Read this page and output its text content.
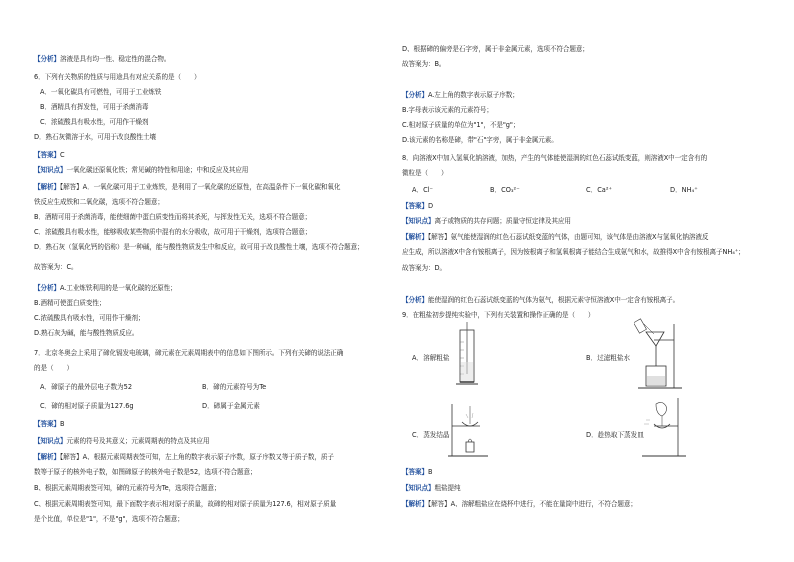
【分析】溶液是具有均一性、稳定性的混合物。
6．下列有关物质的性质与用途具有对应关系的是（　　）
A．一氧化碳具有可燃性，可用于工业炼铁
B．酒精具有挥发性，可用于杀菌消毒
C．浓硫酸具有吸水性，可用作干燥剂
D．熟石灰微溶于水，可用于改良酸性土壤
【答案】C
【知识点】一氧化碳还原氧化铁；常见碱的特性和用途；中和反应及其应用
【解析】【解答】A．一氧化碳可用于工业炼铁，是利用了一氧化碳的还原性，在高温条件下一氧化碳和氧化
铁反应生成铁和二氧化碳，选项不符合题意；
B．酒精可用于杀菌消毒，能使细菌中蛋白质变性而将其杀死，与挥发性无关，选项不符合题意；
C．浓硫酸具有吸水性，能够吸收某些物质中混有的水分吸收，故可用于干燥剂，选项符合题意；
D．熟石灰（氢氧化钙的俗称）是一种碱，能与酸性物质发生中和反应，故可用于改良酸性土壤，选项不符合题意；
故答案为：C。
【分析】A.工业炼铁利用的是一氧化碳的还原性；
B.酒精可使蛋白质变性；
C.浓硫酸具有吸水性，可用作干燥剂；
D.熟石灰为碱，能与酸性物质反应。
7．北京冬奥会上采用了碲化镉发电玻璃，碲元素在元素周期表中的信息如下图所示。下列有关碲的说法正确
的是（　　）
A．碲原子的最外层电子数为52	B．碲的元素符号为Te
C．碲的相对原子质量为127.6g	D．碲属于金属元素
【答案】B
【知识点】元素的符号及其意义；元素周期表的特点及其应用
【解析】【解答】A、根据元素周期表签可知，左上角的数字表示原子序数，原子序数又等于质子数，质子
数等于原子的核外电子数，如图碲原子的核外电子数是52，选项不符合题意；
B、根据元素周期表签可知，碲的元素符号为Te，选项符合题意；
C、根据元素周期表签可知，最下面数字表示相对原子质量，故碲的相对原子质量为127.6，相对原子质量
是个比值，单位是"1"，不是"g"，选项不符合题意；
D、根据碲的偏旁是石字旁，属于非金属元素，选项不符合题意；
故答案为：B。
【分析】A.左上角的数字表示原子序数；
B.字母表示该元素的元素符号；
C.相对原子质量的单位为"1"，不是"g"；
D.该元素的名称是碲，带"石"字旁，属于非金属元素。
8．向溶液X中加入氢氧化钠溶液，加热，产生的气体能使湿润的红色石蕊试纸变蓝，则溶液X中一定含有的
微粒是（　　）
A．Cl⁻	B．CO₃²⁻	C．Ca²⁺	D．NH₄⁺
【答案】D
【知识点】离子或物质的共存问题；质量守恒定律及其应用
【解析】【解答】氨气能使湿润的红色石蕊试纸变蓝的气体，由题可知，该气体是由溶液X与氢氧化钠溶液反
应生成，所以溶液X中含有铵根离子，因为铵根离子和氢氧根离子能结合生成氨气和水，故推得X中含有铵根离子NH₄⁺；
故答案为：D。
【分析】能使湿润的红色石蕊试纸变蓝的气体为氨气，根据元素守恒溶液X中一定含有铵根离子。
9．在粗盐初步提纯实验中，下列有关装置和操作正确的是（　　）
【答案】B
【知识点】粗盐提纯
【解析】【解答】A、溶解粗盐应在烧杯中进行，不能在量筒中进行，不符合题意；
A．溶解粗盐	B．过滤粗盐水
C．蒸发结晶	D．趁热取下蒸发皿
